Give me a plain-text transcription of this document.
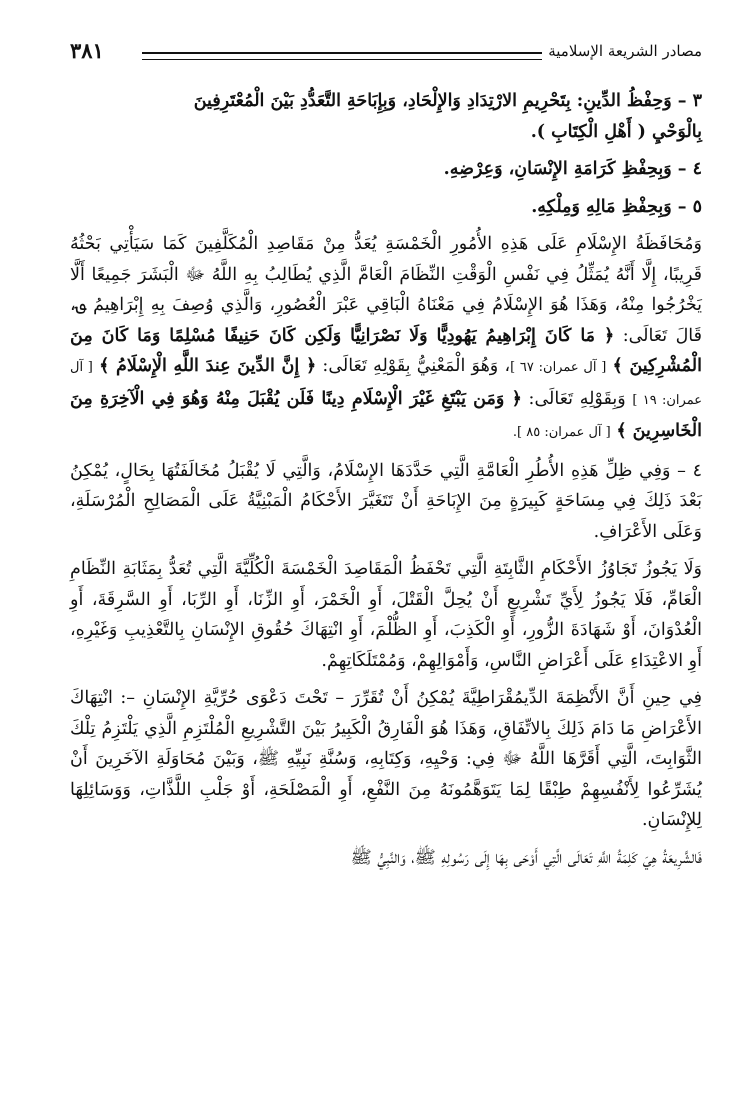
مصادر الشريعة الإسلامية
٣٨١

٣ – وَحِفْظُ الدِّينِ: بِتَحْرِيمِ الارْتِدَادِ وَالإِلْحَادِ، وَبِإِبَاحَةِ التَّعَدُّدِ بَيْنَ الْمُعْتَرِفِينَ
بِالْوَحْيِ ( أَهْلِ الْكِتَابِ ).

٤ – وَبِحِفْظِ كَرَامَةِ الإِنْسَانِ، وَعِرْضِهِ.

٥ – وَبِحِفْظِ مَالِهِ وَمِلْكِهِ.

وَمُحَافَظَةُ الإِسْلَامِ عَلَى هَذِهِ الأُمُورِ الْخَمْسَةِ يُعَدُّ مِنْ مَقَاصِدِ الْمُكَلَّفِينَ كَمَا سَيَأْتِي بَحْثُهُ قَرِيبًا، إِلَّا أَنَّهُ يُمَثِّلُ فِي نَفْسِ الْوَقْتِ النِّظَامَ الْعَامَّ الَّذِي يُطَالِبُ بِهِ اللَّهُ ﷻ الْبَشَرَ جَمِيعًا أَلَّا يَخْرُجُوا مِنْهُ، وَهَذَا هُوَ الإِسْلَامُ فِي مَعْنَاهُ الْبَاقِي عَبْرَ الْعُصُورِ، وَالَّذِي وُصِفَ بِهِ إِبْرَاهِيمُ ؈، قَالَ تَعَالَى: ﴿ مَا كَانَ إِبْرَاهِيمُ يَهُودِيًّا وَلَا نَصْرَانِيًّا وَلَكِن كَانَ حَنِيفًا مُسْلِمًا وَمَا كَانَ مِنَ الْمُشْرِكِينَ ﴾ [ آل عمران: ٦٧ ]، وَهُوَ الْمَعْنِيُّ بِقَوْلِهِ تَعَالَى: ﴿ إِنَّ الدِّينَ عِندَ اللَّهِ الْإِسْلَامُ ﴾ [ آل عمران: ١٩ ] وَبِقَوْلِهِ تَعَالَى: ﴿ وَمَن يَبْتَغِ غَيْرَ الْإِسْلَامِ دِينًا فَلَن يُقْبَلَ مِنْهُ وَهُوَ فِي الْآخِرَةِ مِنَ الْخَاسِرِينَ ﴾ [ آل عمران: ٨٥ ].

٤ – وَفِي ظِلِّ هَذِهِ الأُطُرِ الْعَامَّةِ الَّتِي حَدَّدَهَا الإِسْلَامُ، وَالَّتِي لَا يُقْبَلُ مُخَالَفَتُهَا بِحَالٍ، يُمْكِنُ بَعْدَ ذَلِكَ فِي مِسَاحَةٍ كَبِيرَةٍ مِنَ الإِبَاحَةِ أَنْ تَتَغَيَّرَ الأَحْكَامُ الْمَبْنِيَّةُ عَلَى الْمَصَالِحِ الْمُرْسَلَةِ، وَعَلَى الأَعْرَافِ.

وَلَا يَجُوزُ تَجَاوُزُ الأَحْكَامِ الثَّابِتَةِ الَّتِي تَحْفَظُ الْمَقَاصِدَ الْخَمْسَةَ الْكُلِّيَّةَ الَّتِي تُعَدُّ بِمَثَابَةِ النِّظَامِ الْعَامِّ، فَلَا يَجُوزُ لِأَيِّ تَشْرِيعٍ أَنْ يُحِلَّ الْقَتْلَ، أَوِ الْخَمْرَ، أَوِ الزِّنَا، أَوِ الرِّبَا، أَوِ السَّرِقَةَ، أَوِ الْعُدْوَانَ، أَوْ شَهَادَةَ الزُّورِ، أَوِ الْكَذِبَ، أَوِ الظُّلْمَ، أَوِ انْتِهَاكَ حُقُوقِ الإِنْسَانِ بِالتَّعْذِيبِ وَغَيْرِهِ، أَوِ الاعْتِدَاءِ عَلَى أَعْرَاضِ النَّاسِ، وَأَمْوَالِهِمْ، وَمُمْتَلَكَاتِهِمْ.

فِي حِينِ أَنَّ الأَنْظِمَةَ الدِّيمُقْرَاطِيَّةَ يُمْكِنُ أَنْ تُقَرِّرَ – تَحْتَ دَعْوَى حُرِّيَّةِ الإِنْسَانِ –: انْتِهَاكَ الأَعْرَاضِ مَا دَامَ ذَلِكَ بِالاتِّفَاقِ، وَهَذَا هُوَ الْفَارِقُ الْكَبِيرُ بَيْنَ التَّشْرِيعِ الْمُلْتَزِمِ الَّذِي يَلْتَزِمُ تِلْكَ الثَّوَابِتَ، الَّتِي أَقَرَّهَا اللَّهُ ﷻ فِي: وَحْيِهِ، وَكِتَابِهِ، وَسُنَّةِ نَبِيِّهِ ﷺ، وَبَيْنَ مُحَاوَلَةِ الآخَرِينَ أَنْ يُشَرِّعُوا لِأَنْفُسِهِمْ طِبْقًا لِمَا يَتَوَهَّمُونَهُ مِنَ النَّفْعِ، أَوِ الْمَصْلَحَةِ، أَوْ جَلْبِ اللَّذَّاتِ، وَوَسَائِلِهَا لِلإِنْسَانِ.

فَالشَّرِيعَةُ هِيَ كَلِمَةُ اللَّهِ تَعَالَى الَّتِي أَوْحَى بِهَا إِلَى رَسُولِهِ ﷺ، وَالنَّبِيُّ ﷺ
